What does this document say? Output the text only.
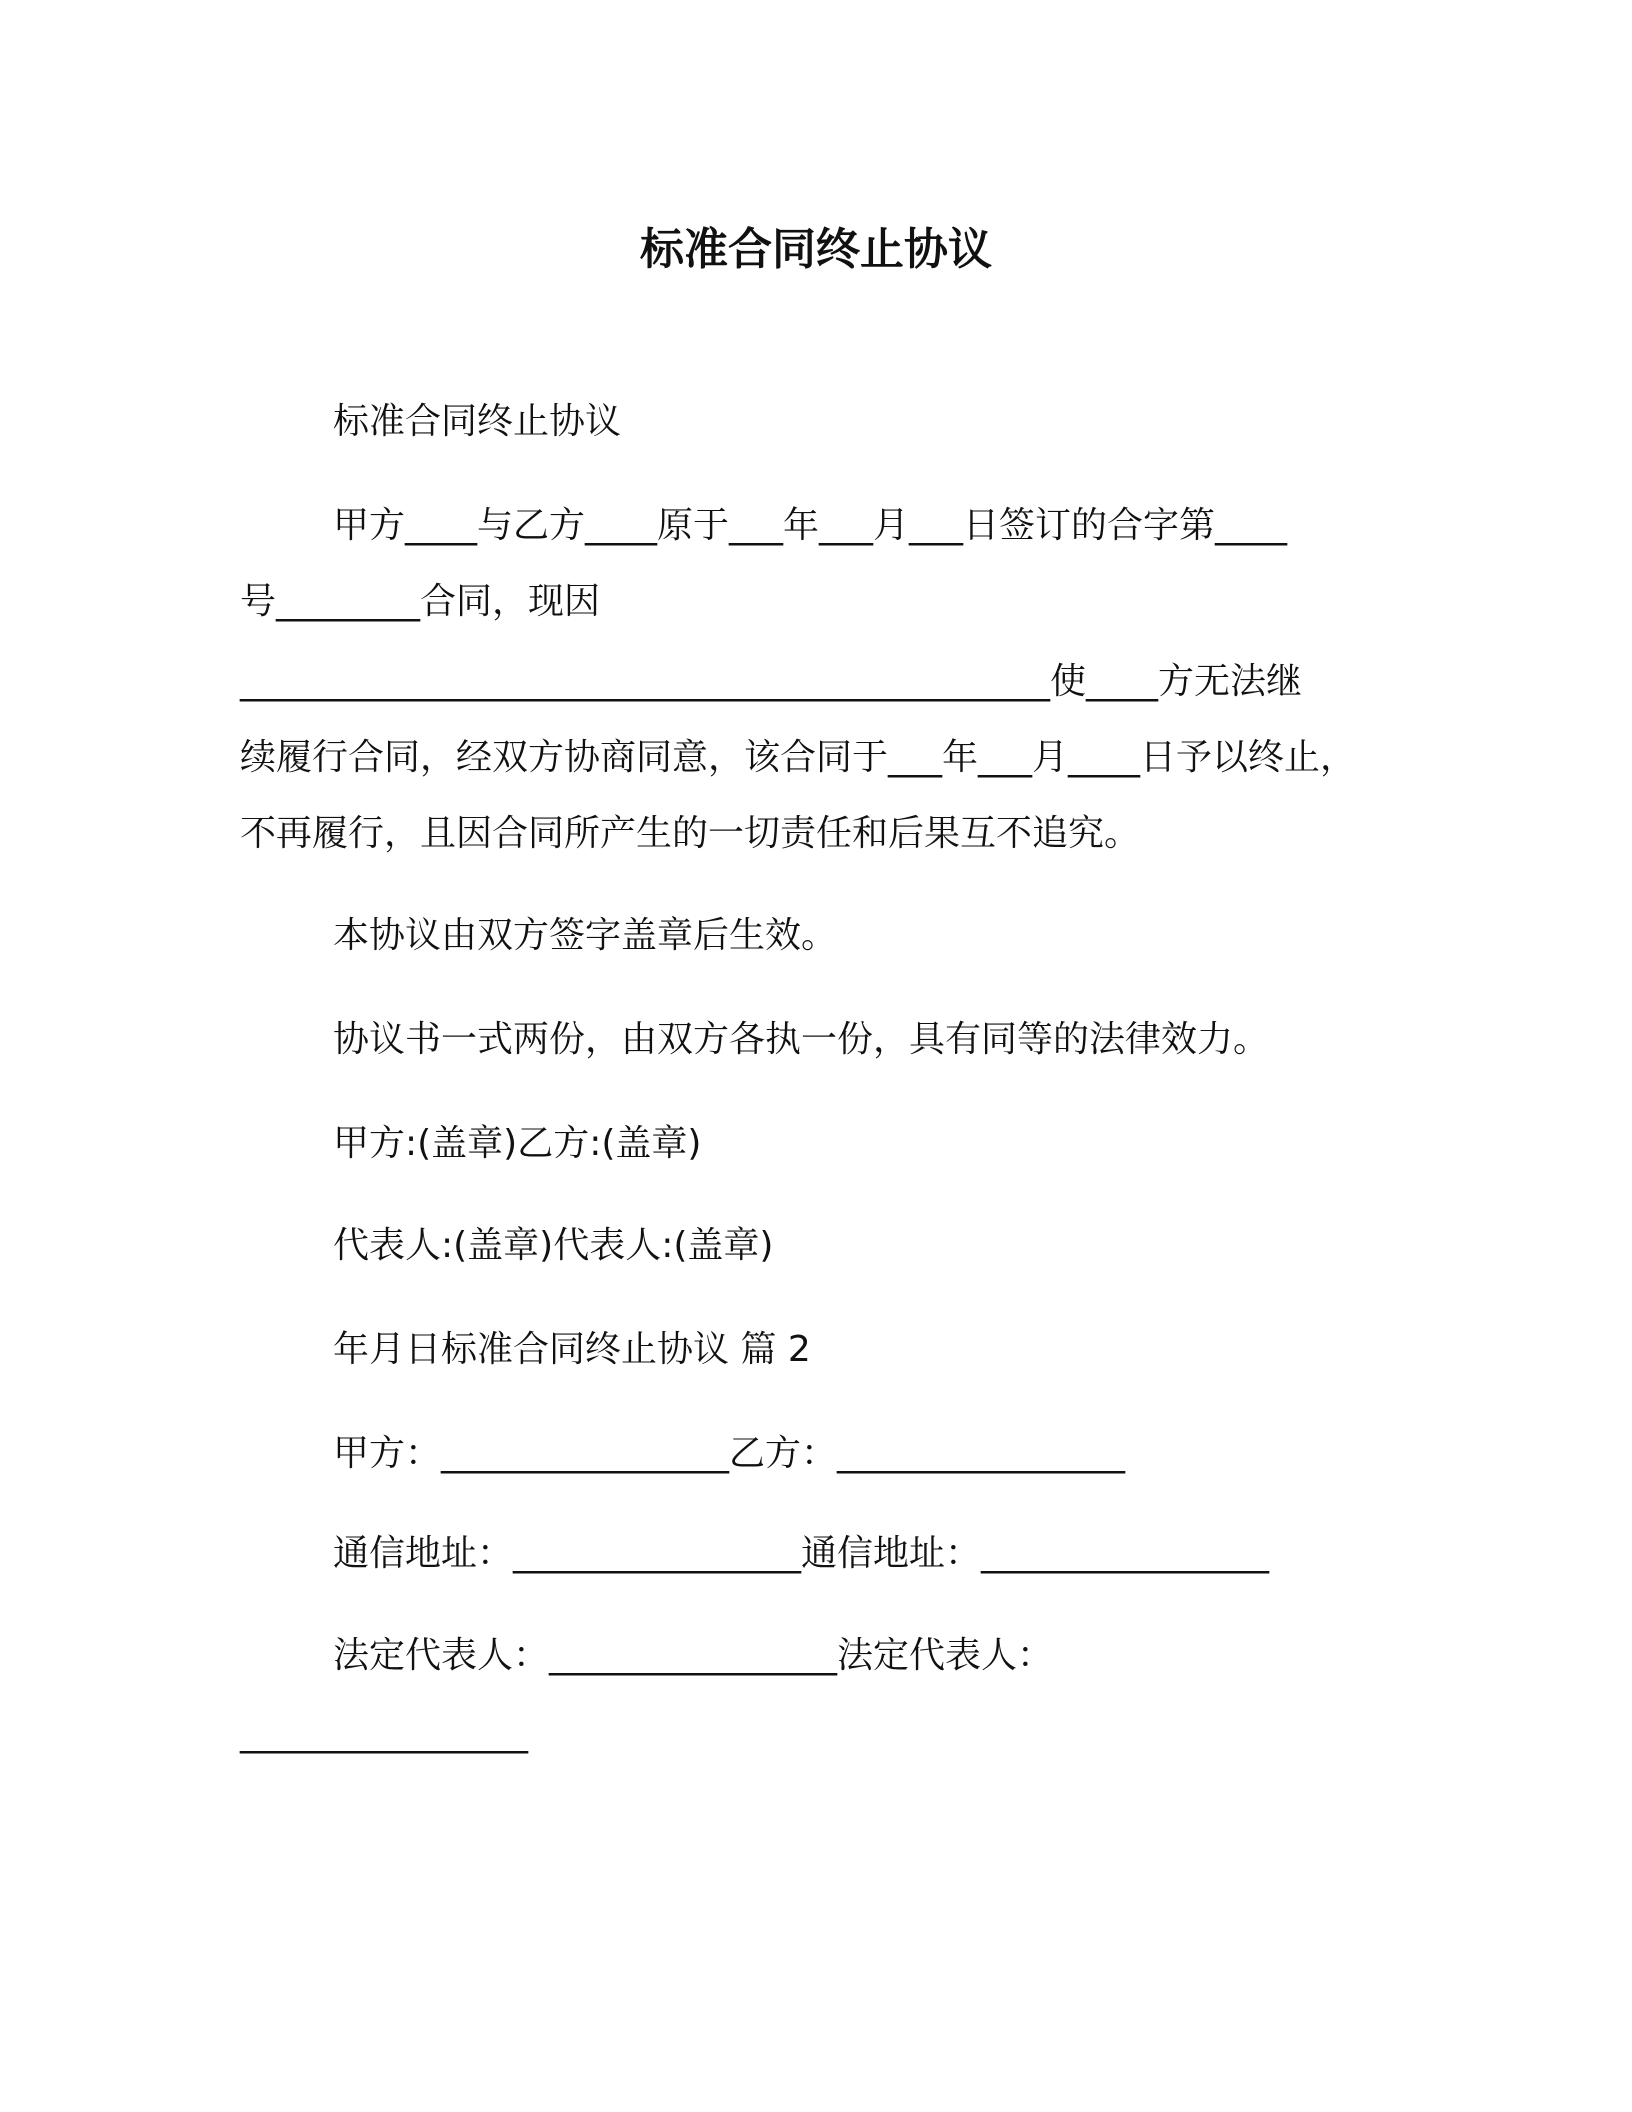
标准合同终止协议
标准合同终止协议
甲方____与乙方____原于___年___月___日签订的合字第____
号________合同，现因
_____________________________________________使____方无法继
续履行合同，经双方协商同意，该合同于___年___月____日予以终止，
不再履行，且因合同所产生的一切责任和后果互不追究。
本协议由双方签字盖章后生效。
协议书一式两份，由双方各执一份，具有同等的法律效力。
甲方:(盖章)乙方:(盖章)
代表人:(盖章)代表人:(盖章)
年月日标准合同终止协议 篇 2
甲方：________________乙方：________________
通信地址：________________通信地址：________________
法定代表人：________________法定代表人：
________________
